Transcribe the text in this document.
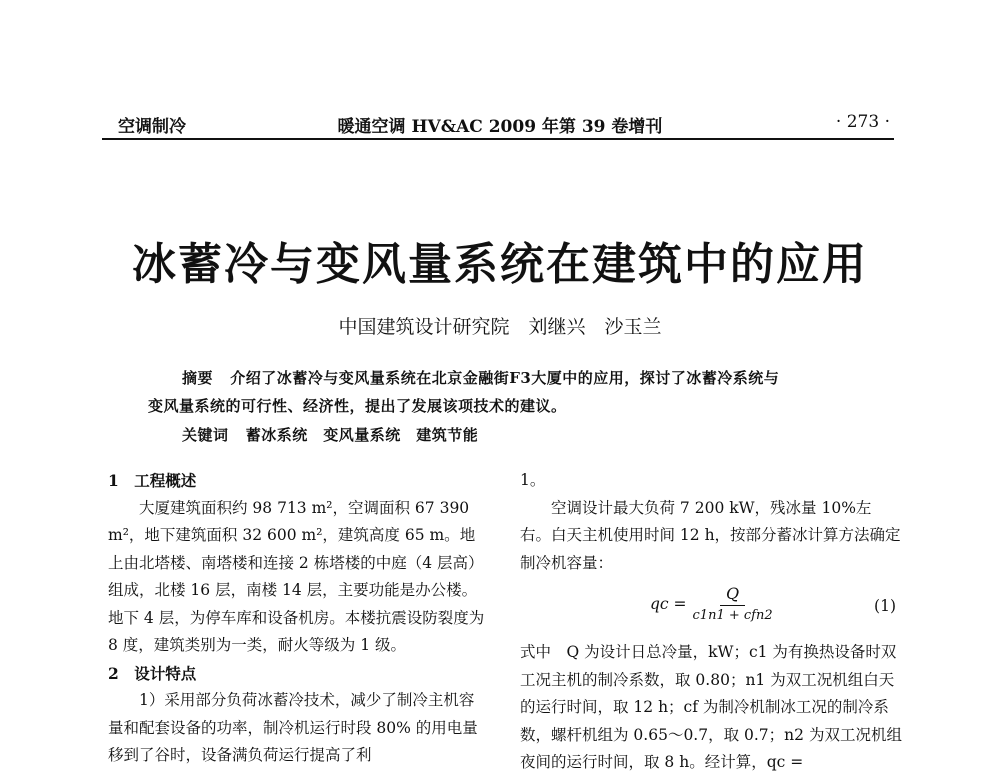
空调制冷	暖通空调 HV&AC 2009 年第 39 卷增刊	· 273 ·
冰蓄冷与变风量系统在建筑中的应用
中国建筑设计研究院　刘继兴　沙玉兰
摘要 介绍了冰蓄冷与变风量系统在北京金融街F3大厦中的应用，探讨了冰蓄冷系统与
变风量系统的可行性、经济性，提出了发展该项技术的建议。
关键词 蓄冰系统　变风量系统　建筑节能

1　工程概述

大厦建筑面积约 98 713 m²，空调面积 67 390 m²，地下建筑面积 32 600 m²，建筑高度 65 m。地上由北塔楼、南塔楼和连接 2 栋塔楼的中庭（4 层高）组成，北楼 16 层，南楼 14 层，主要功能是办公楼。地下 4 层，为停车库和设备机房。本楼抗震设防裂度为 8 度，建筑类别为一类，耐火等级为 1 级。

2　设计特点

1）采用部分负荷冰蓄冷技术，减少了制冷主机容量和配套设备的功率，制冷机运行时段 80% 的用电量移到了谷时，设备满负荷运行提高了利

1。

空调设计最大负荷 7 200 kW，残冰量 10%左右。白天主机使用时间 12 h，按部分蓄冰计算方法确定制冷机容量：

qc = $\frac{Q}{\text{c1n1 + cfn2}}$	(1)

式中　Q 为设计日总冷量，kW；c1 为有换热设备时双工况主机的制冷系数，取 0.80；n1 为双工况机组白天的运行时间，取 12 h；cf 为制冷机制冰工况的制冷系数，螺杆机组为 0.65～0.7，取 0.7；n2 为双工况机组夜间的运行时间，取 8 h。经计算，qc =
